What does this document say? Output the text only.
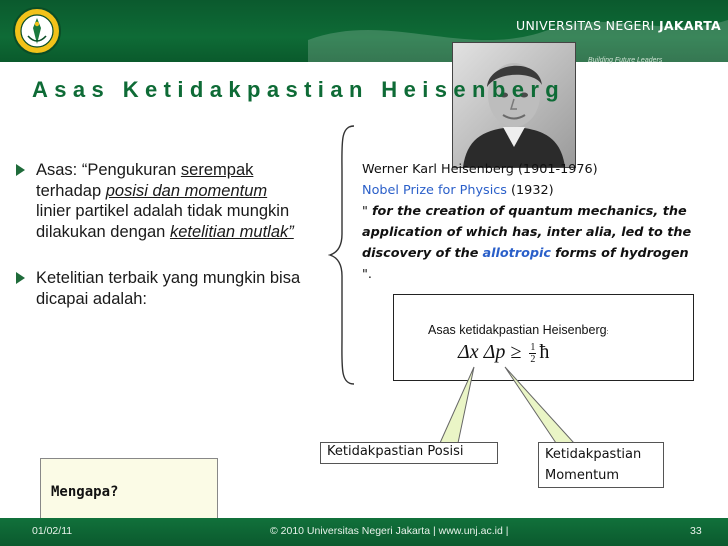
UNIVERSITAS NEGERI JAKARTA
Building Future Leaders
Asas Ketidakpastian Heisenberg
Asas: “Pengukuran serempak terhadap posisi dan momentum linier partikel adalah tidak mungkin dilakukan dengan ketelitian mutlak”
Ketelitian terbaik yang mungkin bisa dicapai adalah:
Werner Karl Heisenberg (1901-1976)
Nobel Prize for Physics (1932)
" for the creation of quantum mechanics, the application of which has, inter alia, led to the discovery of the allotropic forms of hydrogen ".
Asas ketidakpastian Heisenberg:
Δx $\Delta p \ge \frac{1}{2}$ ħ
Ketidakpastian Posisi	Ketidakpastian
Momentum
Mengapa?
01/02/11	© 2010 Universitas Negeri Jakarta | www.unj.ac.id |	33
